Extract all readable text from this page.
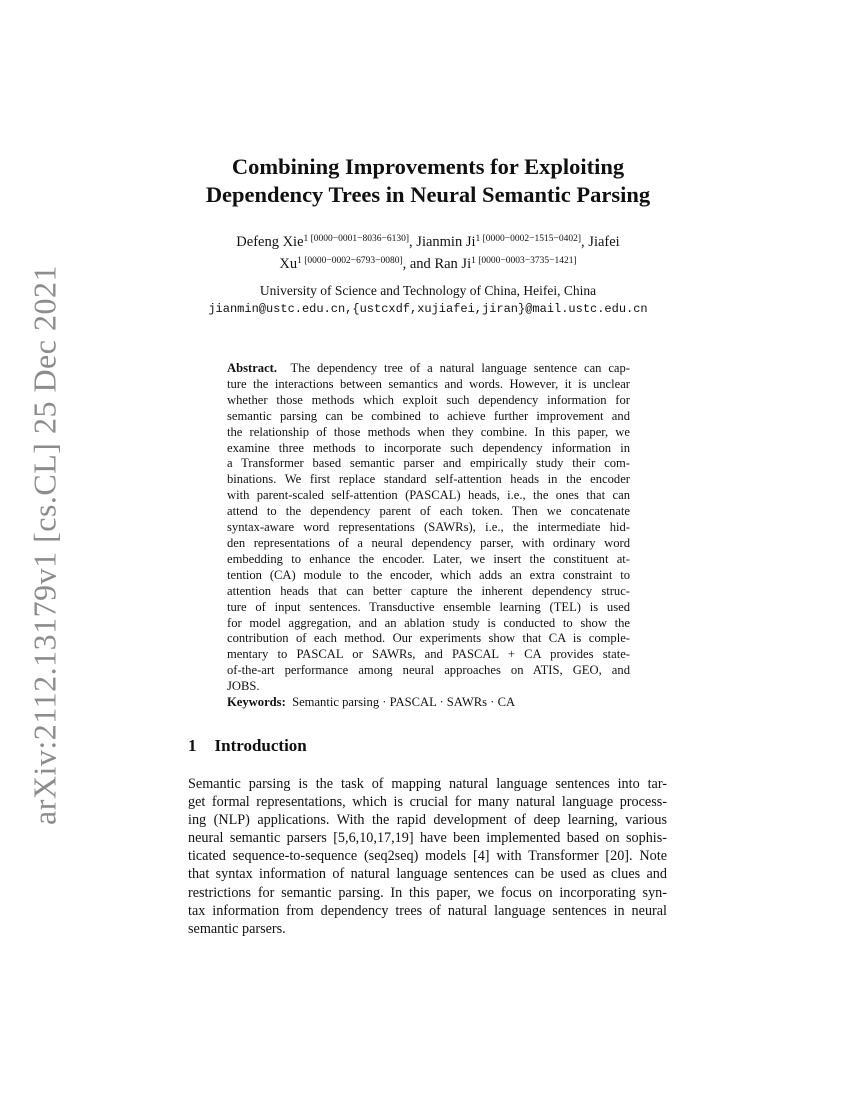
arXiv:2112.13179v1 [cs.CL] 25 Dec 2021
Combining Improvements for Exploiting
Dependency Trees in Neural Semantic Parsing
Defeng Xie$^{1 [0000-0001-8036-6130]}$, Jianmin $Ji^{1 [0000-0002-1515-0402]}$, Jiafei
$Xu^{1 [0000-0002-6793-0080]}$, and Ran $Ji^{1 [0000-0003-3735-1421]}$
University of Science and Technology of China, Heifei, China
jianmin@ustc.edu.cn,{ustcxdf,xujiafei,jiran}@mail.ustc.edu.cn
Abstract. The dependency tree of a natural language sentence can cap-
ture the interactions between semantics and words. However, it is unclear
whether those methods which exploit such dependency information for
semantic parsing can be combined to achieve further improvement and
the relationship of those methods when they combine. In this paper, we
examine three methods to incorporate such dependency information in
a Transformer based semantic parser and empirically study their com-
binations. We first replace standard self-attention heads in the encoder
with parent-scaled self-attention (PASCAL) heads, i.e., the ones that can
attend to the dependency parent of each token. Then we concatenate
syntax-aware word representations (SAWRs), i.e., the intermediate hid-
den representations of a neural dependency parser, with ordinary word
embedding to enhance the encoder. Later, we insert the constituent at-
tention (CA) module to the encoder, which adds an extra constraint to
attention heads that can better capture the inherent dependency struc-
ture of input sentences. Transductive ensemble learning (TEL) is used
for model aggregation, and an ablation study is conducted to show the
contribution of each method. Our experiments show that CA is comple-
mentary to PASCAL or SAWRs, and PASCAL + CA provides state-
of-the-art performance among neural approaches on ATIS, GEO, and
JOBS.
Keywords: Semantic parsing · PASCAL · SAWRs · CA
1 Introduction
Semantic parsing is the task of mapping natural language sentences into tar-
get formal representations, which is crucial for many natural language process-
ing (NLP) applications. With the rapid development of deep learning, various
neural semantic parsers [5,6,10,17,19] have been implemented based on sophis-
ticated sequence-to-sequence (seq2seq) models [4] with Transformer [20]. Note
that syntax information of natural language sentences can be used as clues and
restrictions for semantic parsing. In this paper, we focus on incorporating syn-
tax information from dependency trees of natural language sentences in neural
semantic parsers.
